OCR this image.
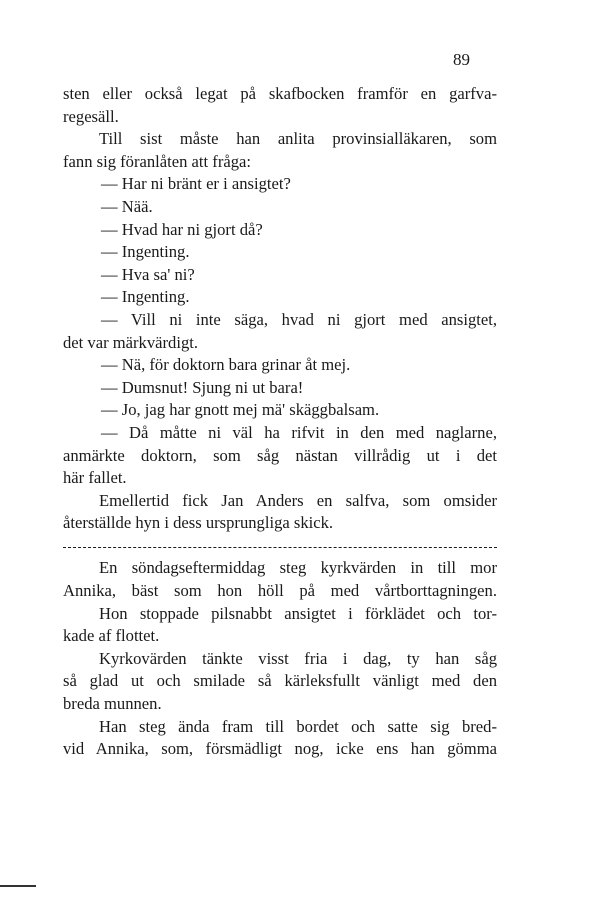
89
sten eller också legat på skafbocken framför en garfva-
regesäll.
Till sist måste han anlita provinsialläkaren, som
fann sig föranlåten att fråga:
— Har ni bränt er i ansigtet?
— Nää.
— Hvad har ni gjort då?
— Ingenting.
— Hva sa' ni?
— Ingenting.
— Vill ni inte säga, hvad ni gjort med ansigtet,
det var märkvärdigt.
— Nä, för doktorn bara grinar åt mej.
— Dumsnut! Sjung ni ut bara!
— Jo, jag har gnott mej mä' skäggbalsam.
— Då måtte ni väl ha rifvit in den med naglarne,
anmärkte doktorn, som såg nästan villrådig ut i det
här fallet.
Emellertid fick Jan Anders en salfva, som omsider
återställde hyn i dess ursprungliga skick.
En söndagseftermiddag steg kyrkvärden in till mor
Annika, bäst som hon höll på med vårtborttagningen.
Hon stoppade pilsnabbt ansigtet i förklädet och tor-
kade af flottet.
Kyrkovärden tänkte visst fria i dag, ty han såg
så glad ut och smilade så kärleksfullt vänligt med den
breda munnen.
Han steg ända fram till bordet och satte sig bred-
vid Annika, som, försmädligt nog, icke ens han gömma
